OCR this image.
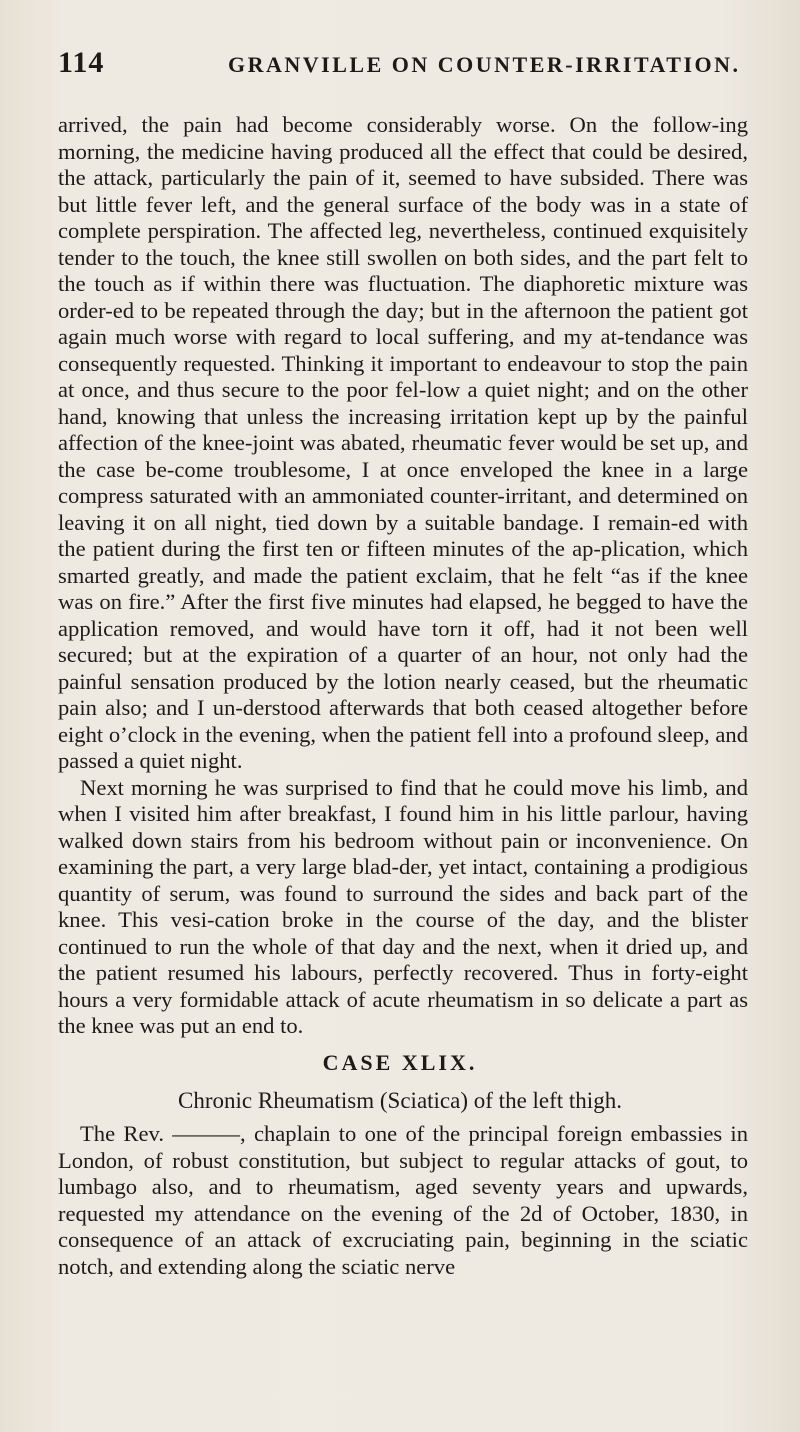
114	GRANVILLE ON COUNTER-IRRITATION.

arrived, the pain had become considerably worse. On the follow-ing morning, the medicine having produced all the effect that could be desired, the attack, particularly the pain of it, seemed to have subsided. There was but little fever left, and the general surface of the body was in a state of complete perspiration. The affected leg, nevertheless, continued exquisitely tender to the touch, the knee still swollen on both sides, and the part felt to the touch as if within there was fluctuation. The diaphoretic mixture was order-ed to be repeated through the day; but in the afternoon the patient got again much worse with regard to local suffering, and my at-tendance was consequently requested. Thinking it important to endeavour to stop the pain at once, and thus secure to the poor fel-low a quiet night; and on the other hand, knowing that unless the increasing irritation kept up by the painful affection of the knee-joint was abated, rheumatic fever would be set up, and the case be-come troublesome, I at once enveloped the knee in a large compress saturated with an ammoniated counter-irritant, and determined on leaving it on all night, tied down by a suitable bandage. I remain-ed with the patient during the first ten or fifteen minutes of the ap-plication, which smarted greatly, and made the patient exclaim, that he felt “as if the knee was on fire.” After the first five minutes had elapsed, he begged to have the application removed, and would have torn it off, had it not been well secured; but at the expiration of a quarter of an hour, not only had the painful sensation produced by the lotion nearly ceased, but the rheumatic pain also; and I un-derstood afterwards that both ceased altogether before eight o’clock in the evening, when the patient fell into a profound sleep, and passed a quiet night.

Next morning he was surprised to find that he could move his limb, and when I visited him after breakfast, I found him in his little parlour, having walked down stairs from his bedroom without pain or inconvenience. On examining the part, a very large blad-der, yet intact, containing a prodigious quantity of serum, was found to surround the sides and back part of the knee. This vesi-cation broke in the course of the day, and the blister continued to run the whole of that day and the next, when it dried up, and the patient resumed his labours, perfectly recovered. Thus in forty-eight hours a very formidable attack of acute rheumatism in so delicate a part as the knee was put an end to.

CASE XLIX.
Chronic Rheumatism (Sciatica) of the left thigh.

The Rev. ———, chaplain to one of the principal foreign embassies in London, of robust constitution, but subject to regular attacks of gout, to lumbago also, and to rheumatism, aged seventy years and upwards, requested my attendance on the evening of the 2d of October, 1830, in consequence of an attack of excruciating pain, beginning in the sciatic notch, and extending along the sciatic nerve
